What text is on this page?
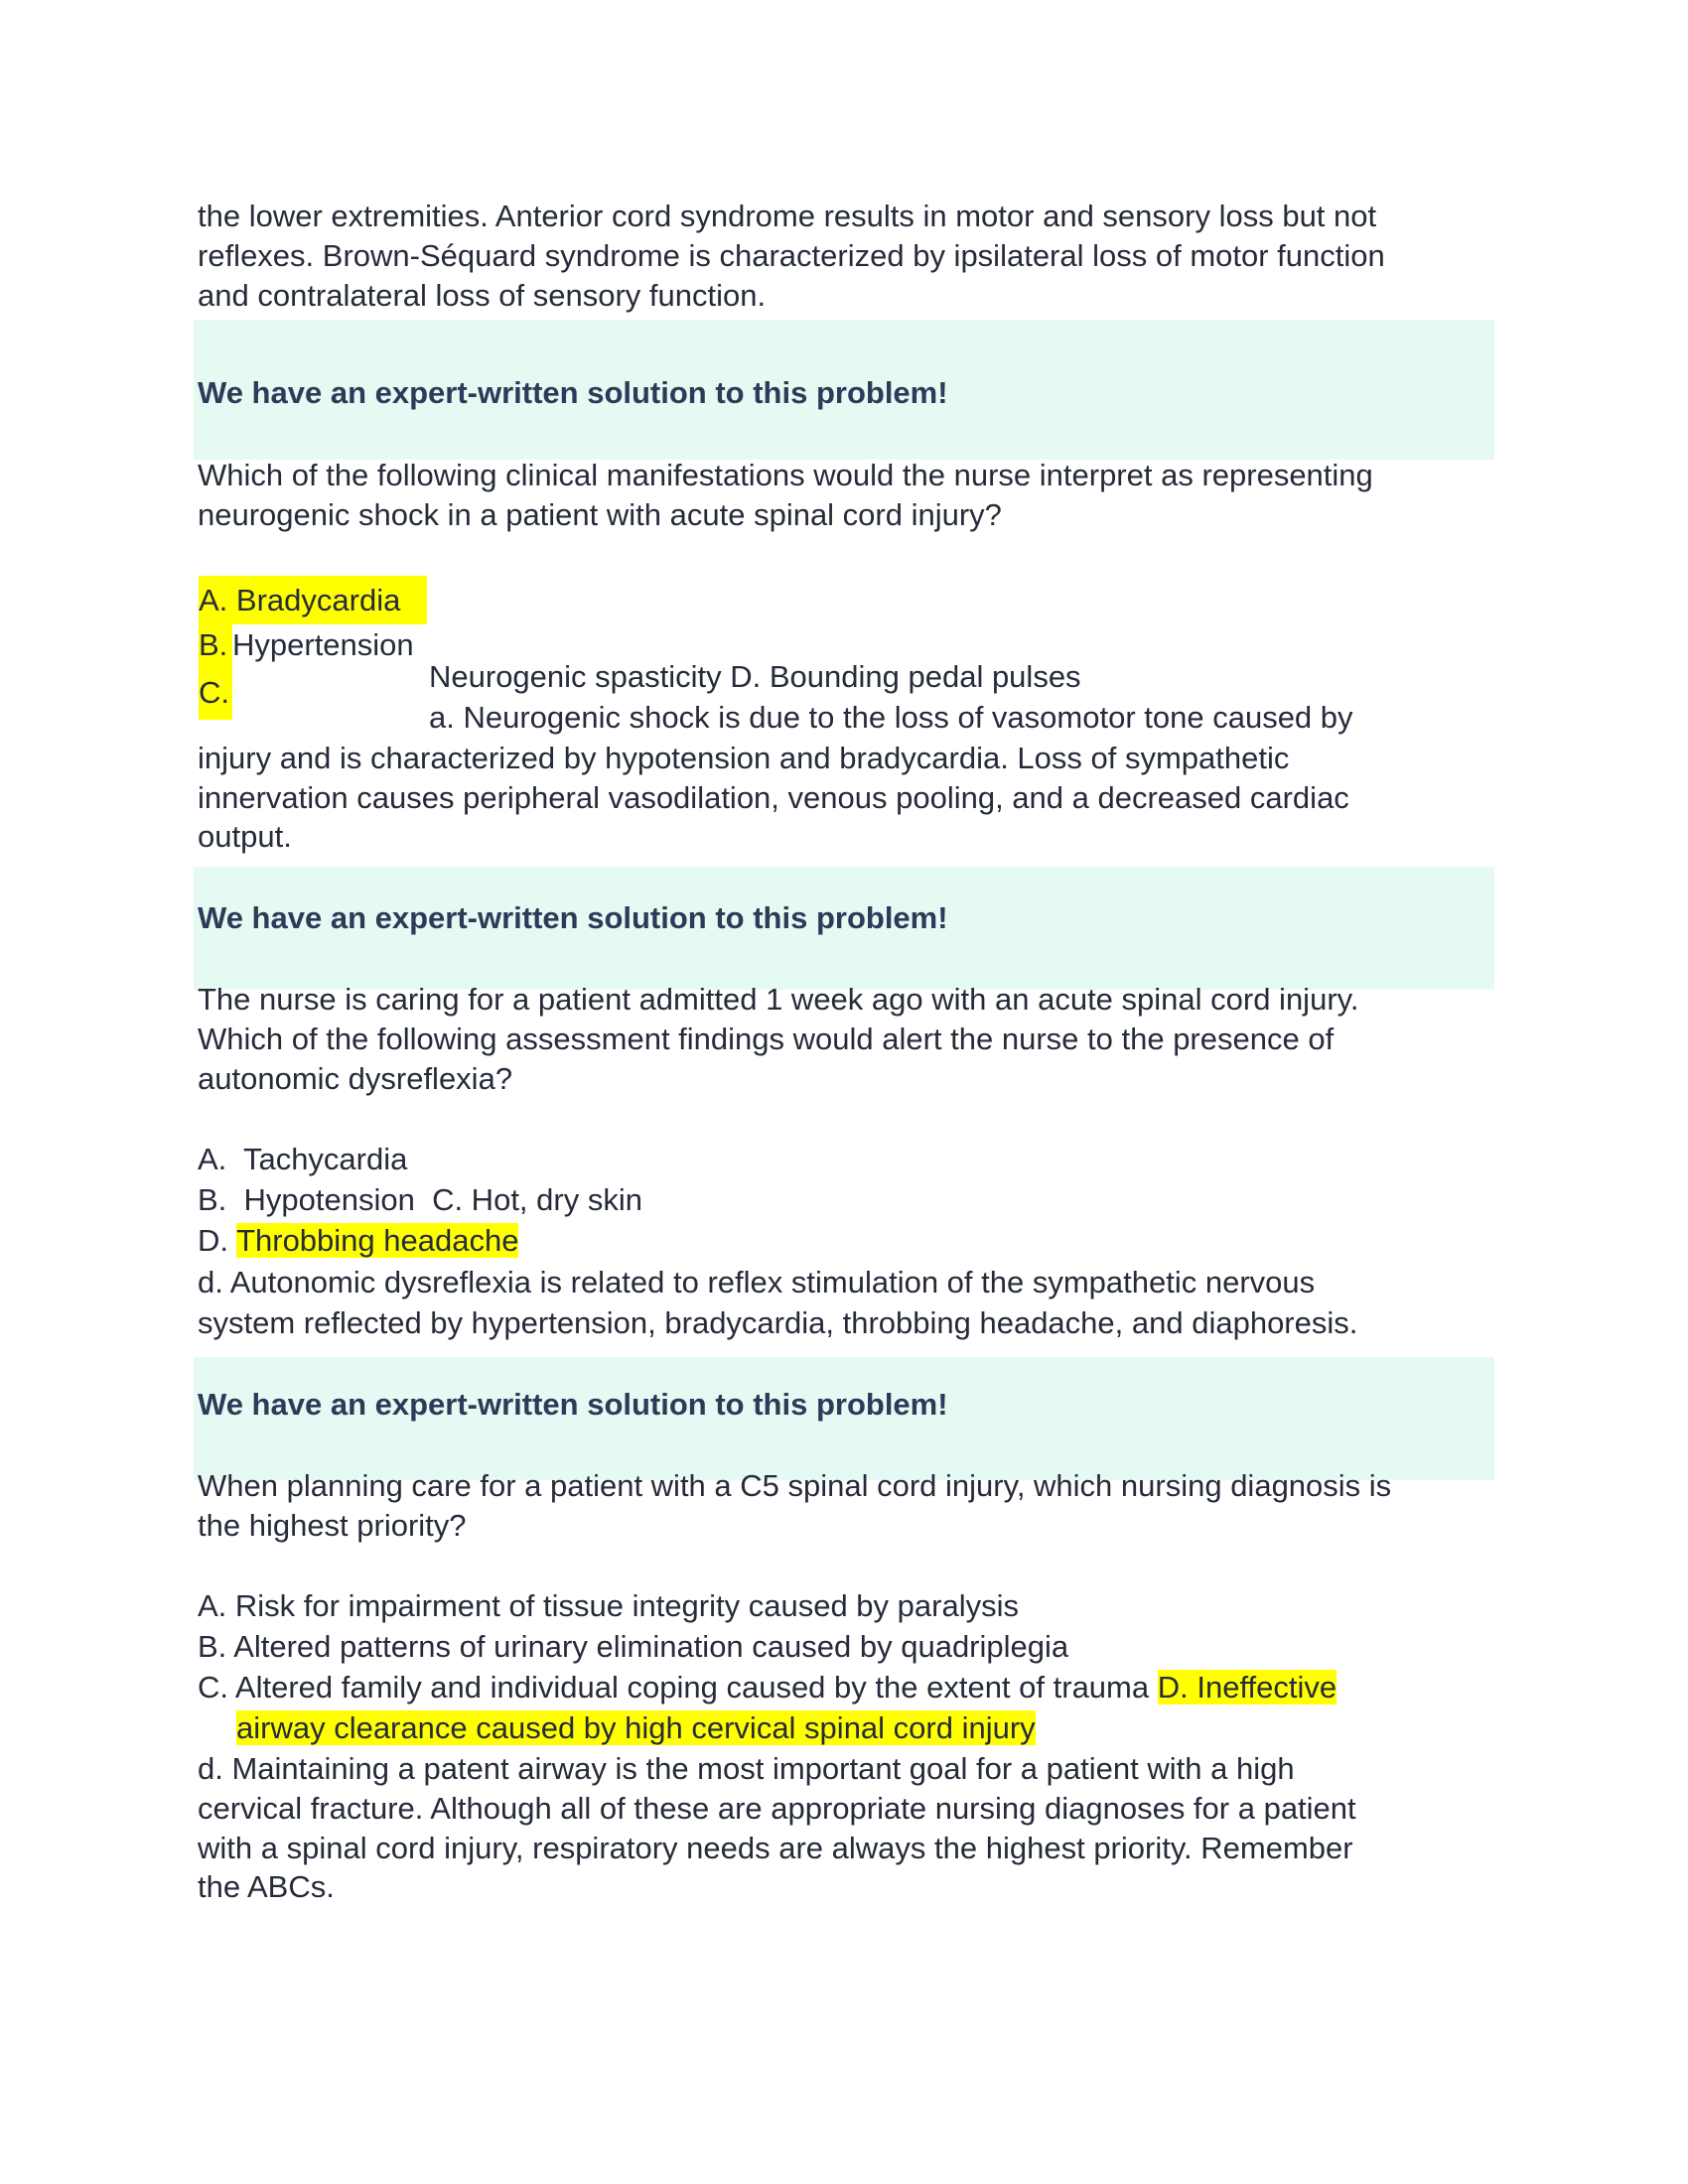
the lower extremities. Anterior cord syndrome results in motor and sensory loss but not
reflexes. Brown-Séquard syndrome is characterized by ipsilateral loss of motor function
and contralateral loss of sensory function.
We have an expert-written solution to this problem!
Which of the following clinical manifestations would the nurse interpret as representing
neurogenic shock in a patient with acute spinal cord injury?
A. Bradycardia
B. Hypertension
C.	Neurogenic spasticity D. Bounding pedal pulses
a. Neurogenic shock is due to the loss of vasomotor tone caused by
injury and is characterized by hypotension and bradycardia. Loss of sympathetic
innervation causes peripheral vasodilation, venous pooling, and a decreased cardiac
output.
We have an expert-written solution to this problem!
The nurse is caring for a patient admitted 1 week ago with an acute spinal cord injury.
Which of the following assessment findings would alert the nurse to the presence of
autonomic dysreflexia?
A.  Tachycardia
B.  Hypotension  C. Hot, dry skin
D. Throbbing headache
d. Autonomic dysreflexia is related to reflex stimulation of the sympathetic nervous
system reflected by hypertension, bradycardia, throbbing headache, and diaphoresis.
We have an expert-written solution to this problem!
When planning care for a patient with a C5 spinal cord injury, which nursing diagnosis is
the highest priority?
A. Risk for impairment of tissue integrity caused by paralysis
B. Altered patterns of urinary elimination caused by quadriplegia
C. Altered family and individual coping caused by the extent of trauma D. Ineffective
airway clearance caused by high cervical spinal cord injury
d. Maintaining a patent airway is the most important goal for a patient with a high
cervical fracture. Although all of these are appropriate nursing diagnoses for a patient
with a spinal cord injury, respiratory needs are always the highest priority. Remember
the ABCs.
